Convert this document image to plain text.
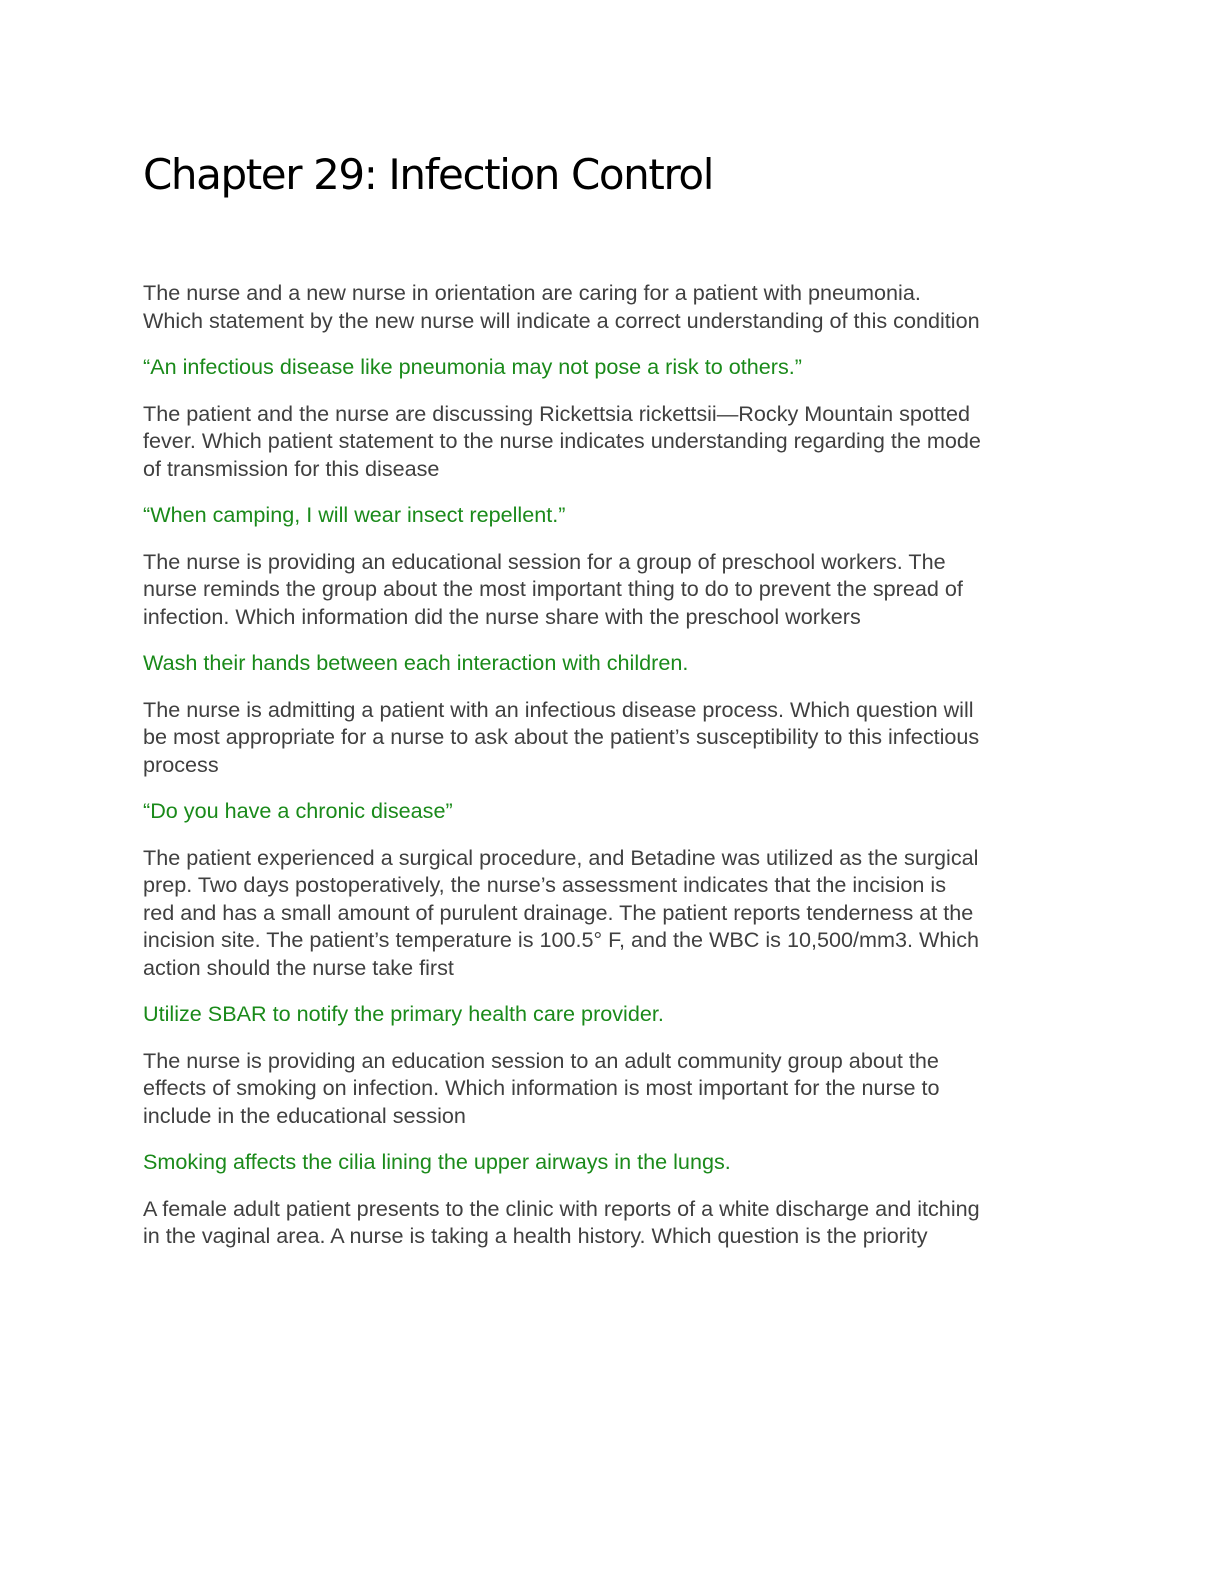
Chapter 29: Infection Control

The nurse and a new nurse in orientation are caring for a patient with pneumonia.
Which statement by the new nurse will indicate a correct understanding of this condition

“An infectious disease like pneumonia may not pose a risk to others.”

The patient and the nurse are discussing Rickettsia rickettsii—Rocky Mountain spotted
fever. Which patient statement to the nurse indicates understanding regarding the mode
of transmission for this disease

“When camping, I will wear insect repellent.”

The nurse is providing an educational session for a group of preschool workers. The
nurse reminds the group about the most important thing to do to prevent the spread of
infection. Which information did the nurse share with the preschool workers

Wash their hands between each interaction with children.

The nurse is admitting a patient with an infectious disease process. Which question will
be most appropriate for a nurse to ask about the patient’s susceptibility to this infectious
process

“Do you have a chronic disease”

The patient experienced a surgical procedure, and Betadine was utilized as the surgical
prep. Two days postoperatively, the nurse’s assessment indicates that the incision is
red and has a small amount of purulent drainage. The patient reports tenderness at the
incision site. The patient’s temperature is 100.5° F, and the WBC is 10,500/mm3. Which
action should the nurse take first

Utilize SBAR to notify the primary health care provider.

The nurse is providing an education session to an adult community group about the
effects of smoking on infection. Which information is most important for the nurse to
include in the educational session

Smoking affects the cilia lining the upper airways in the lungs.

A female adult patient presents to the clinic with reports of a white discharge and itching
in the vaginal area. A nurse is taking a health history. Which question is the priority
